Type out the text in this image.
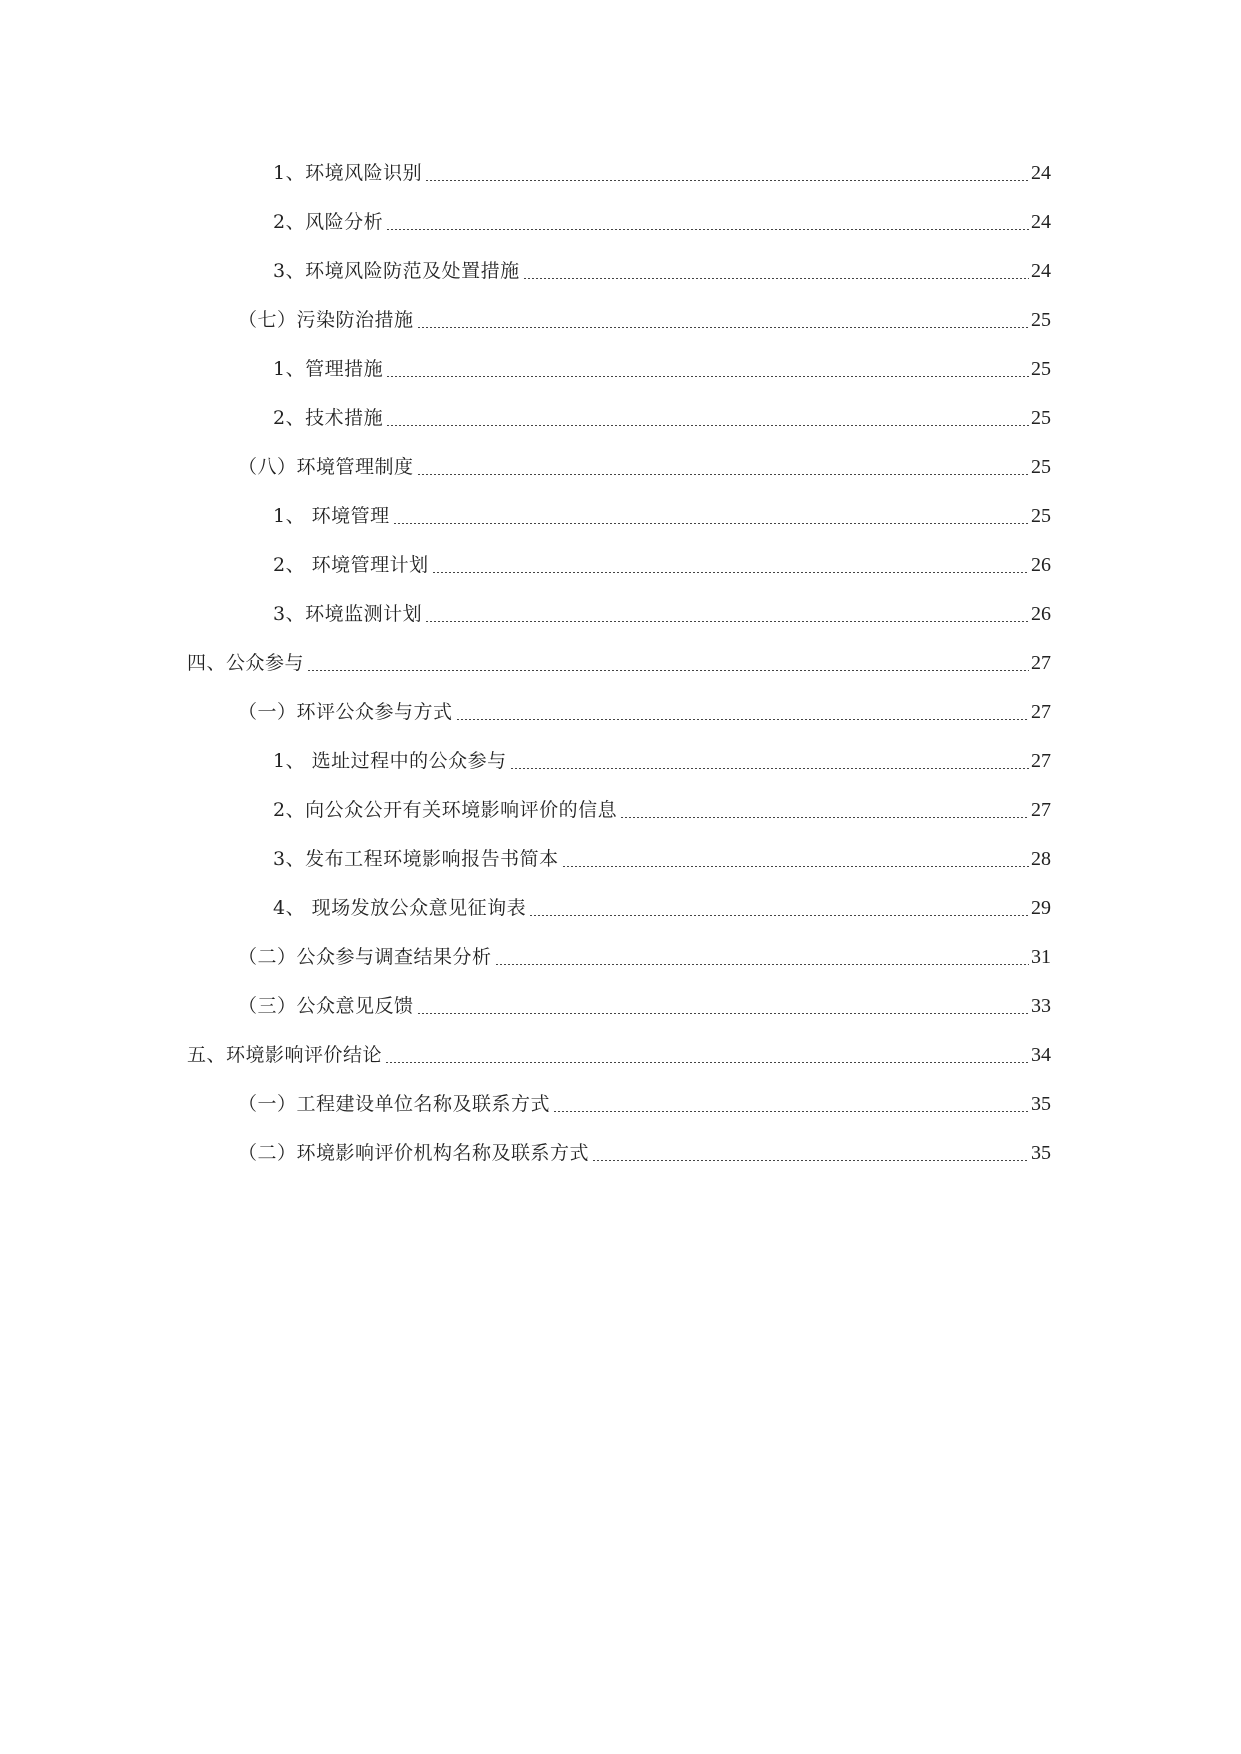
1、环境风险识别	24
2、风险分析	24
3、环境风险防范及处置措施	24
（七）污染防治措施	25
1、管理措施	25
2、技术措施	25
（八）环境管理制度	25
1、 环境管理	25
2、 环境管理计划	26
3、环境监测计划	26
四、公众参与	27
（一）环评公众参与方式	27
1、 选址过程中的公众参与	27
2、向公众公开有关环境影响评价的信息	27
3、发布工程环境影响报告书简本	28
4、 现场发放公众意见征询表	29
（二）公众参与调查结果分析	31
（三）公众意见反馈	33
五、环境影响评价结论	34
（一）工程建设单位名称及联系方式	35
（二）环境影响评价机构名称及联系方式	35
